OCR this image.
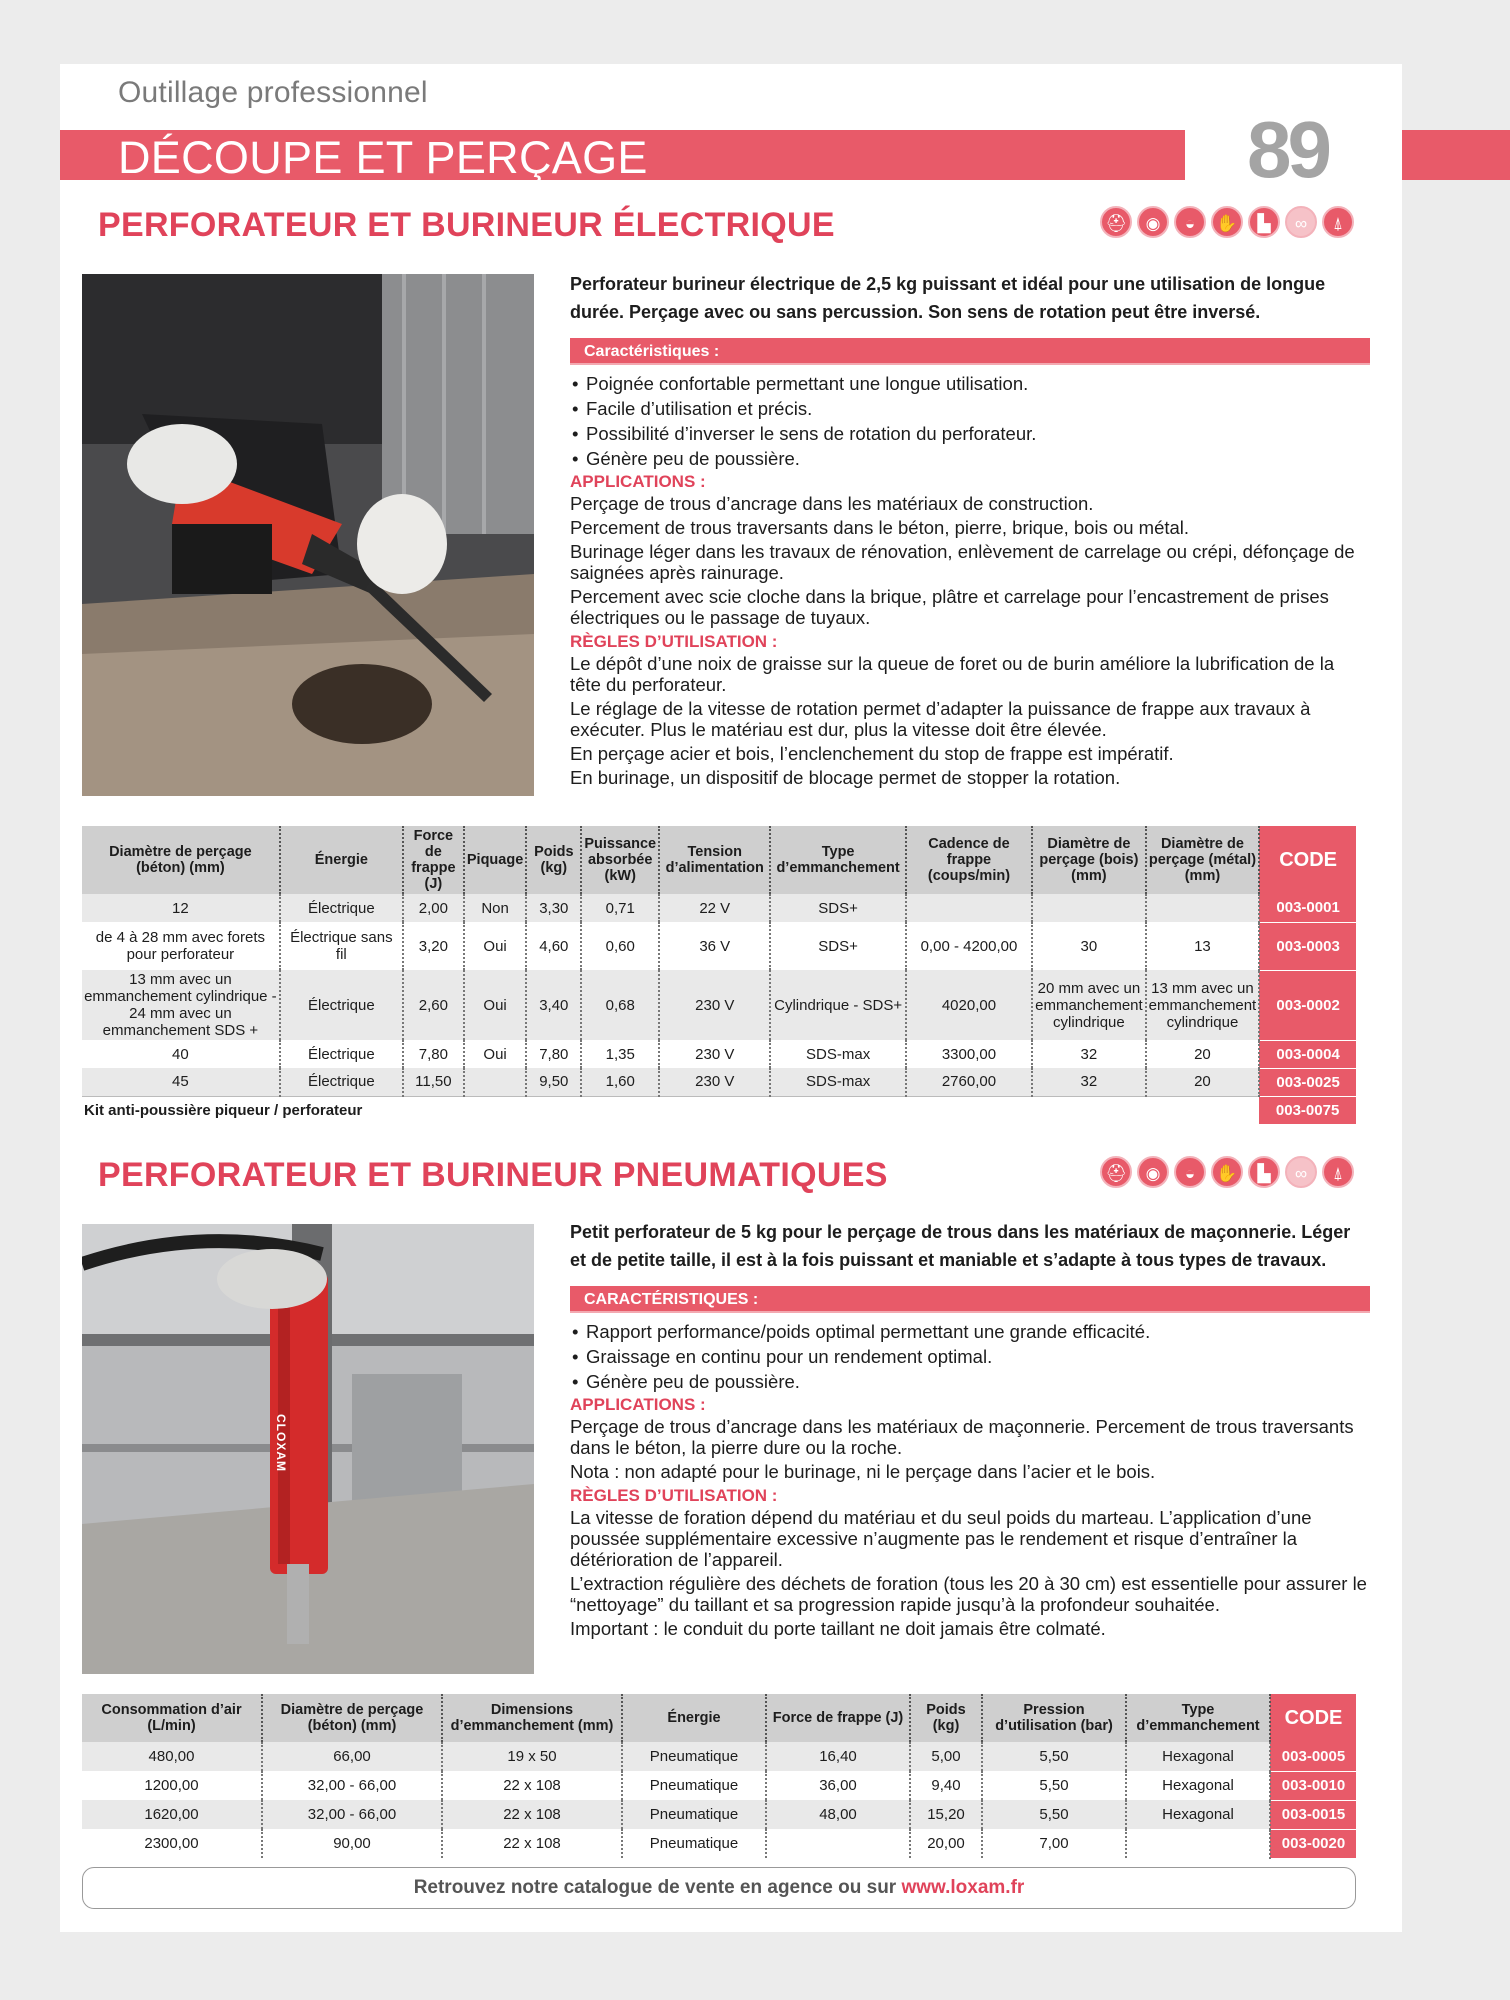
Outillage professionnel
DÉCOUPE ET PERÇAGE	89
PERFORATEUR ET BURINEUR ÉLECTRIQUE	⛑	◉	◒	✋	▙	∞	⍋
Perforateur burineur électrique de 2,5 kg puissant et idéal pour une utilisation de longue durée. Perçage avec ou sans percussion. Son sens de rotation peut être inversé.
Caractéristiques :
• Poignée confortable permettant une longue utilisation.
• Facile d’utilisation et précis.
• Possibilité d’inverser le sens de rotation du perforateur.
• Génère peu de poussière.
APPLICATIONS :

Perçage de trous d’ancrage dans les matériaux de construction.

Percement de trous traversants dans le béton, pierre, brique, bois ou métal.

Burinage léger dans les travaux de rénovation, enlèvement de carrelage ou crépi, défonçage de saignées après rainurage.

Percement avec scie cloche dans la brique, plâtre et carrelage pour l’encastrement de prises électriques ou le passage de tuyaux.

RÈGLES D’UTILISATION :

Le dépôt d’une noix de graisse sur la queue de foret ou de burin améliore la lubrification de la tête du perforateur.

Le réglage de la vitesse de rotation permet d’adapter la puissance de frappe aux travaux à exécuter. Plus le matériau est dur, plus la vitesse doit être élevée.

En perçage acier et bois, l’enclenchement du stop de frappe est impératif.

En burinage, un dispositif de blocage permet de stopper la rotation.

Diamètre de perçage (béton) (mm)	Énergie	Force de frappe (J)	Piquage	Poids (kg)	Puissance absorbée (kW)	Tension d’alimentation	Type d’emmanchement	Cadence de frappe (coups/min)	Diamètre de perçage (bois) (mm)	Diamètre de perçage (métal) (mm)	CODE
12	Électrique	2,00	Non	3,30	0,71	22 V	SDS+				003-0001
de 4 à 28 mm avec forets pour perforateur	Électrique sans fil	3,20	Oui	4,60	0,60	36 V	SDS+	0,00 - 4200,00	30	13	003-0003
13 mm avec un emmanchement cylindrique - 24 mm avec un emmanchement SDS +	Électrique	2,60	Oui	3,40	0,68	230 V	Cylindrique - SDS+	4020,00	20 mm avec un emmanchement cylindrique	13 mm avec un emmanchement cylindrique	003-0002
40	Électrique	7,80	Oui	7,80	1,35	230 V	SDS-max	3300,00	32	20	003-0004
45	Électrique	11,50		9,50	1,60	230 V	SDS-max	2760,00	32	20	003-0025
Kit anti-poussière piqueur / perforateur											003-0075
PERFORATEUR ET BURINEUR PNEUMATIQUES	⛑	◉	◒	✋	▙	∞	⍋
CLOXAM
Petit perforateur de 5 kg pour le perçage de trous dans les matériaux de maçonnerie. Léger et de petite taille, il est à la fois puissant et maniable et s’adapte à tous types de travaux.
CARACTÉRISTIQUES :
• Rapport performance/poids optimal permettant une grande efficacité.
• Graissage en continu pour un rendement optimal.
• Génère peu de poussière.
APPLICATIONS :

Perçage de trous d’ancrage dans les matériaux de maçonnerie. Percement de trous traversants dans le béton, la pierre dure ou la roche.

Nota : non adapté pour le burinage, ni le perçage dans l’acier et le bois.

RÈGLES D’UTILISATION :

La vitesse de foration dépend du matériau et du seul poids du marteau. L’application d’une poussée supplémentaire excessive n’augmente pas le rendement et risque d’entraîner la détérioration de l’appareil.

L’extraction régulière des déchets de foration (tous les 20 à 30 cm) est essentielle pour assurer le “nettoyage” du taillant et sa progression rapide jusqu’à la profondeur souhaitée.

Important : le conduit du porte taillant ne doit jamais être colmaté.

Consommation d’air (L/min)	Diamètre de perçage (béton) (mm)	Dimensions d’emmanchement (mm)	Énergie	Force de frappe (J)	Poids (kg)	Pression d’utilisation (bar)	Type d’emmanchement	CODE
480,00	66,00	19 x 50	Pneumatique	16,40	5,00	5,50	Hexagonal	003-0005
1200,00	32,00 - 66,00	22 x 108	Pneumatique	36,00	9,40	5,50	Hexagonal	003-0010
1620,00	32,00 - 66,00	22 x 108	Pneumatique	48,00	15,20	5,50	Hexagonal	003-0015
2300,00	90,00	22 x 108	Pneumatique		20,00	7,00		003-0020
Retrouvez notre catalogue de vente en agence ou sur www.loxam.fr
